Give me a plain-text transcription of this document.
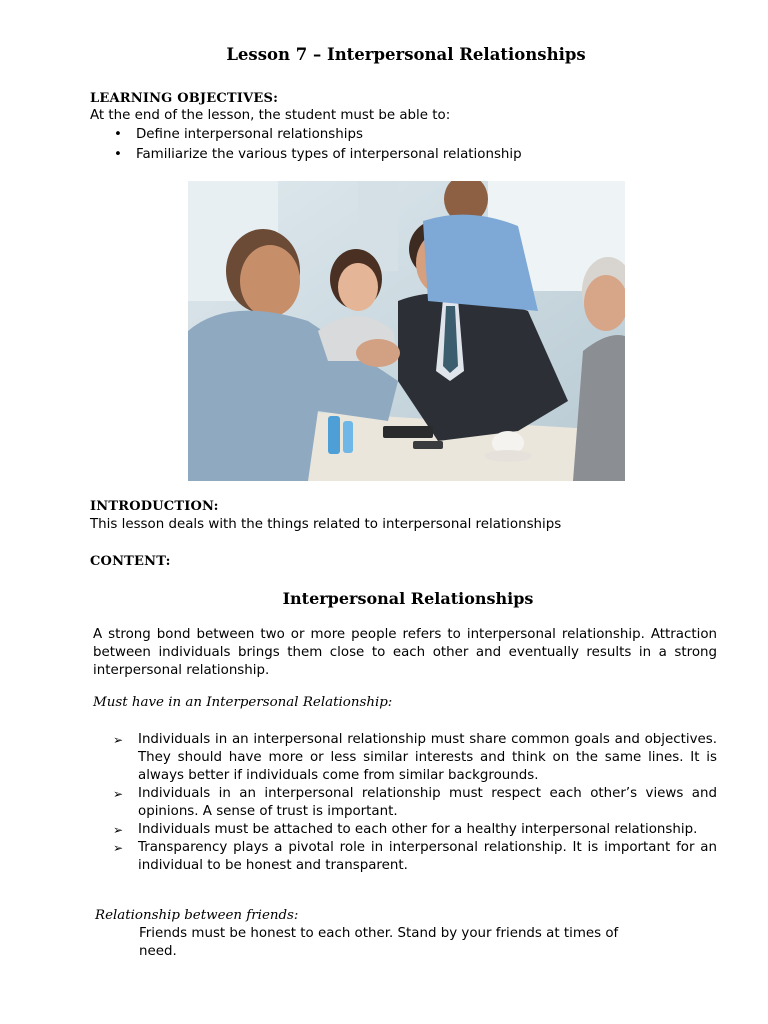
Lesson 7 – Interpersonal Relationships

LEARNING OBJECTIVES:

At the end of the lesson, the student must be able to:

• Define interpersonal relationships
• Familiarize the various types of interpersonal relationship

INTRODUCTION:

This lesson deals with the things related to interpersonal relationships

CONTENT:

Interpersonal Relationships

A strong bond between two or more people refers to interpersonal relationship. Attraction between individuals brings them close to each other and eventually results in a strong interpersonal relationship.

Must have in an Interpersonal Relationship:

➢ Individuals in an interpersonal relationship must share common goals and objectives. They should have more or less similar interests and think on the same lines. It is always better if individuals come from similar backgrounds.
➢ Individuals in an interpersonal relationship must respect each other’s views and opinions. A sense of trust is important.
➢ Individuals must be attached to each other for a healthy interpersonal relationship.
➢ Transparency plays a pivotal role in interpersonal relationship. It is important for an individual to be honest and transparent.

Relationship between friends:

Friends must be honest to each other. Stand by your friends at times of need.
